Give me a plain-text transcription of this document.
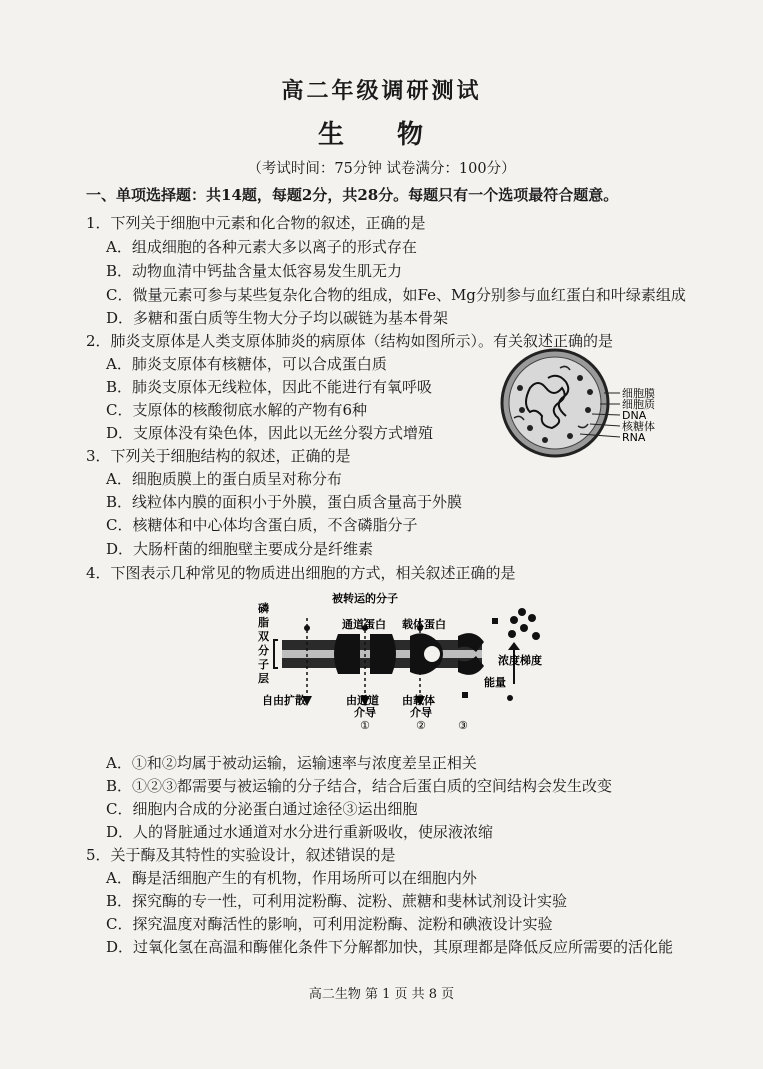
高二年级调研测试
生 物
（考试时间：75分钟 试卷满分：100分）
一、单项选择题：共14题，每题2分，共28分。每题只有一个选项最符合题意。
1．下列关于细胞中元素和化合物的叙述，正确的是
A．组成细胞的各种元素大多以离子的形式存在
B．动物血清中钙盐含量太低容易发生肌无力
C．微量元素可参与某些复杂化合物的组成，如Fe、Mg分别参与血红蛋白和叶绿素组成
D．多糖和蛋白质等生物大分子均以碳链为基本骨架
2．肺炎支原体是人类支原体肺炎的病原体（结构如图所示）。有关叙述正确的是
A．肺炎支原体有核糖体，可以合成蛋白质
B．肺炎支原体无线粒体，因此不能进行有氧呼吸
C．支原体的核酸彻底水解的产物有6种
D．支原体没有染色体，因此以无丝分裂方式增殖
细胞膜
细胞质
DNA
核糖体
RNA
3．下列关于细胞结构的叙述，正确的是
A．细胞质膜上的蛋白质呈对称分布
B．线粒体内膜的面积小于外膜，蛋白质含量高于外膜
C．核糖体和中心体均含蛋白质，不含磷脂分子
D．大肠杆菌的细胞壁主要成分是纤维素
4．下图表示几种常见的物质进出细胞的方式，相关叙述正确的是
磷
脂
双
分
子
层
被转运的分子
通道蛋白 载体蛋白
浓度梯度
能量
自由扩散	由通道
介导
①
由载体
介导
②	③
A．①和②均属于被动运输，运输速率与浓度差呈正相关
B．①②③都需要与被运输的分子结合，结合后蛋白质的空间结构会发生改变
C．细胞内合成的分泌蛋白通过途径③运出细胞
D．人的肾脏通过水通道对水分进行重新吸收，使尿液浓缩
5．关于酶及其特性的实验设计，叙述错误的是
A．酶是活细胞产生的有机物，作用场所可以在细胞内外
B．探究酶的专一性，可利用淀粉酶、淀粉、蔗糖和斐林试剂设计实验
C．探究温度对酶活性的影响，可利用淀粉酶、淀粉和碘液设计实验
D．过氧化氢在高温和酶催化条件下分解都加快，其原理都是降低反应所需要的活化能
高二生物 第 1 页 共 8 页
